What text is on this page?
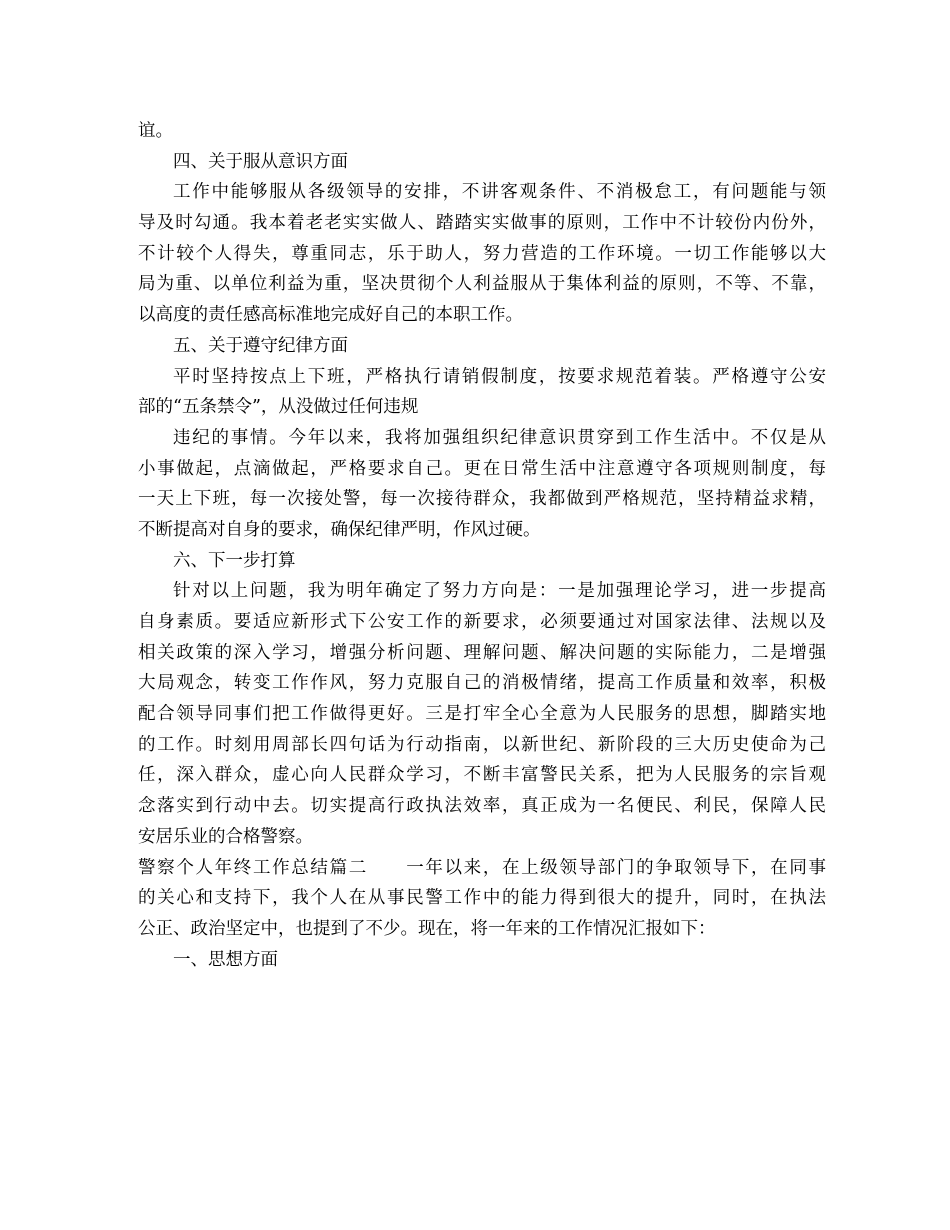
谊。
四、关于服从意识方面
工作中能够服从各级领导的安排，不讲客观条件、不消极怠工，有问题能与领
导及时勾通。我本着老老实实做人、踏踏实实做事的原则，工作中不计较份内份外，
不计较个人得失，尊重同志，乐于助人，努力营造的工作环境。一切工作能够以大
局为重、以单位利益为重，坚决贯彻个人利益服从于集体利益的原则，不等、不靠，
以高度的责任感高标准地完成好自己的本职工作。
五、关于遵守纪律方面
平时坚持按点上下班，严格执行请销假制度，按要求规范着装。严格遵守公安
部的“五条禁令”，从没做过任何违规
违纪的事情。今年以来，我将加强组织纪律意识贯穿到工作生活中。不仅是从
小事做起，点滴做起，严格要求自己。更在日常生活中注意遵守各项规则制度，每
一天上下班，每一次接处警，每一次接待群众，我都做到严格规范，坚持精益求精，
不断提高对自身的要求，确保纪律严明，作风过硬。
六、下一步打算
针对以上问题，我为明年确定了努力方向是：一是加强理论学习，进一步提高
自身素质。要适应新形式下公安工作的新要求，必须要通过对国家法律、法规以及
相关政策的深入学习，增强分析问题、理解问题、解决问题的实际能力，二是增强
大局观念，转变工作作风，努力克服自己的消极情绪，提高工作质量和效率，积极
配合领导同事们把工作做得更好。三是打牢全心全意为人民服务的思想，脚踏实地
的工作。时刻用周部长四句话为行动指南，以新世纪、新阶段的三大历史使命为己
任，深入群众，虚心向人民群众学习，不断丰富警民关系，把为人民服务的宗旨观
念落实到行动中去。切实提高行政执法效率，真正成为一名便民、利民，保障人民
安居乐业的合格警察。
警察个人年终工作总结篇二　　一年以来，在上级领导部门的争取领导下，在同事
的关心和支持下，我个人在从事民警工作中的能力得到很大的提升，同时，在执法
公正、政治坚定中，也提到了不少。现在，将一年来的工作情况汇报如下：
一、思想方面
